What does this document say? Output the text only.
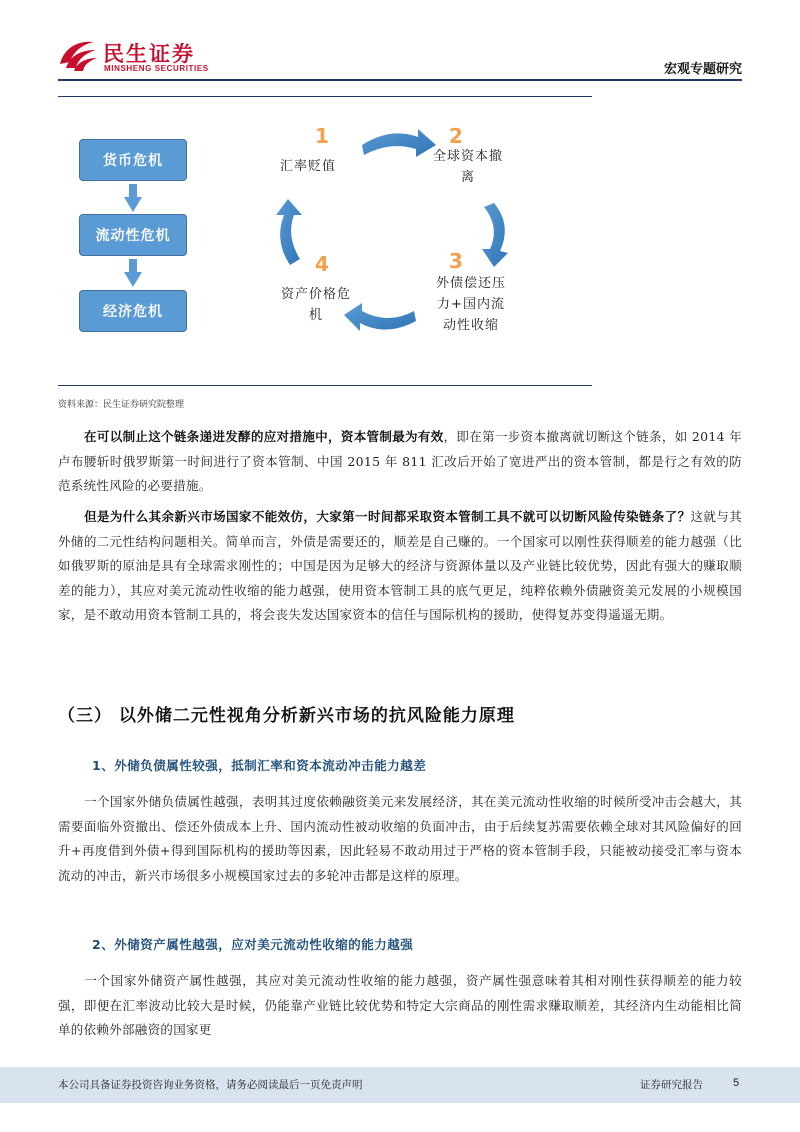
民生证券
MINSHENG SECURITIES	宏观专题研究
货币危机
流动性危机
经济危机
1
汇率贬值
2
全球资本撤
离
3
外债偿还压
力+国内流
动性收缩
4
资产价格危
机
资料来源：民生证券研究院整理
在可以制止这个链条递进发酵的应对措施中，资本管制最为有效，即在第一步资本撤离就切断这个链条，如 2014 年卢布腰斩时俄罗斯第一时间进行了资本管制、中国 2015 年 811 汇改后开始了宽进严出的资本管制，都是行之有效的防范系统性风险的必要措施。
但是为什么其余新兴市场国家不能效仿，大家第一时间都采取资本管制工具不就可以切断风险传染链条了？这就与其外储的二元性结构问题相关。简单而言，外债是需要还的，顺差是自己赚的。一个国家可以刚性获得顺差的能力越强（比如俄罗斯的原油是具有全球需求刚性的；中国是因为足够大的经济与资源体量以及产业链比较优势，因此有强大的赚取顺差的能力），其应对美元流动性收缩的能力越强，使用资本管制工具的底气更足，纯粹依赖外债融资美元发展的小规模国家，是不敢动用资本管制工具的，将会丧失发达国家资本的信任与国际机构的援助，使得复苏变得遥遥无期。
（三） 以外储二元性视角分析新兴市场的抗风险能力原理
1、外储负债属性较强，抵制汇率和资本流动冲击能力越差
一个国家外储负债属性越强，表明其过度依赖融资美元来发展经济，其在美元流动性收缩的时候所受冲击会越大，其需要面临外资撤出、偿还外债成本上升、国内流动性被动收缩的负面冲击，由于后续复苏需要依赖全球对其风险偏好的回升+再度借到外债+得到国际机构的援助等因素，因此轻易不敢动用过于严格的资本管制手段，只能被动接受汇率与资本流动的冲击，新兴市场很多小规模国家过去的多轮冲击都是这样的原理。
2、外储资产属性越强，应对美元流动性收缩的能力越强
一个国家外储资产属性越强，其应对美元流动性收缩的能力越强，资产属性强意味着其相对刚性获得顺差的能力较强，即便在汇率波动比较大是时候，仍能靠产业链比较优势和特定大宗商品的刚性需求赚取顺差，其经济内生动能相比简单的依赖外部融资的国家更
本公司具备证券投资咨询业务资格，请务必阅读最后一页免责声明	证券研究报告	5
